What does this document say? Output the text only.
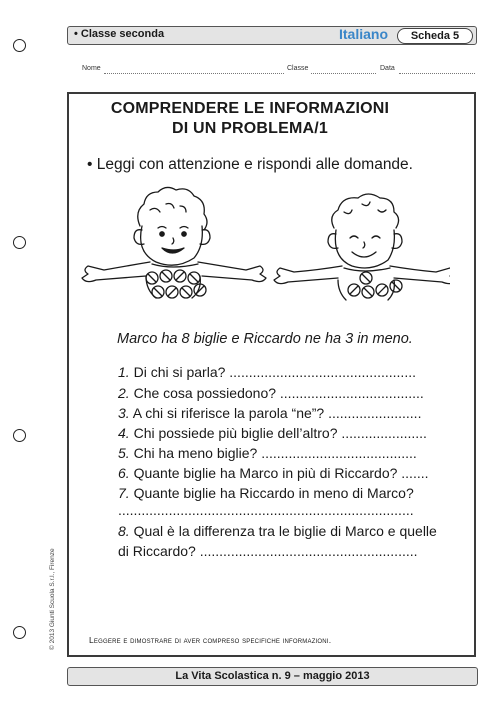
• Classe seconda	Italiano	Scheda 5
Nome	Classe	Data
COMPRENDERE LE INFORMAZIONI
DI UN PROBLEMA/1
• Leggi con attenzione e rispondi alle domande.
Marco ha 8 biglie e Riccardo ne ha 3 in meno.
1. Di chi si parla? ................................................
2. Che cosa possiedono? .....................................
3. A chi si riferisce la parola “ne”? ........................
4. Chi possiede più biglie dell’altro? ......................
5. Chi ha meno biglie? ........................................
6. Quante biglie ha Marco in più di Riccardo? .......
7. Quante biglie ha Riccardo in meno di Marco?
............................................................................
8. Qual è la differenza tra le biglie di Marco e quelle
di Riccardo? ........................................................
Leggere e dimostrare di aver compreso specifiche informazioni.
© 2013 Giunti Scuola S.r.l., Firenze
La Vita Scolastica n. 9 – maggio 2013
